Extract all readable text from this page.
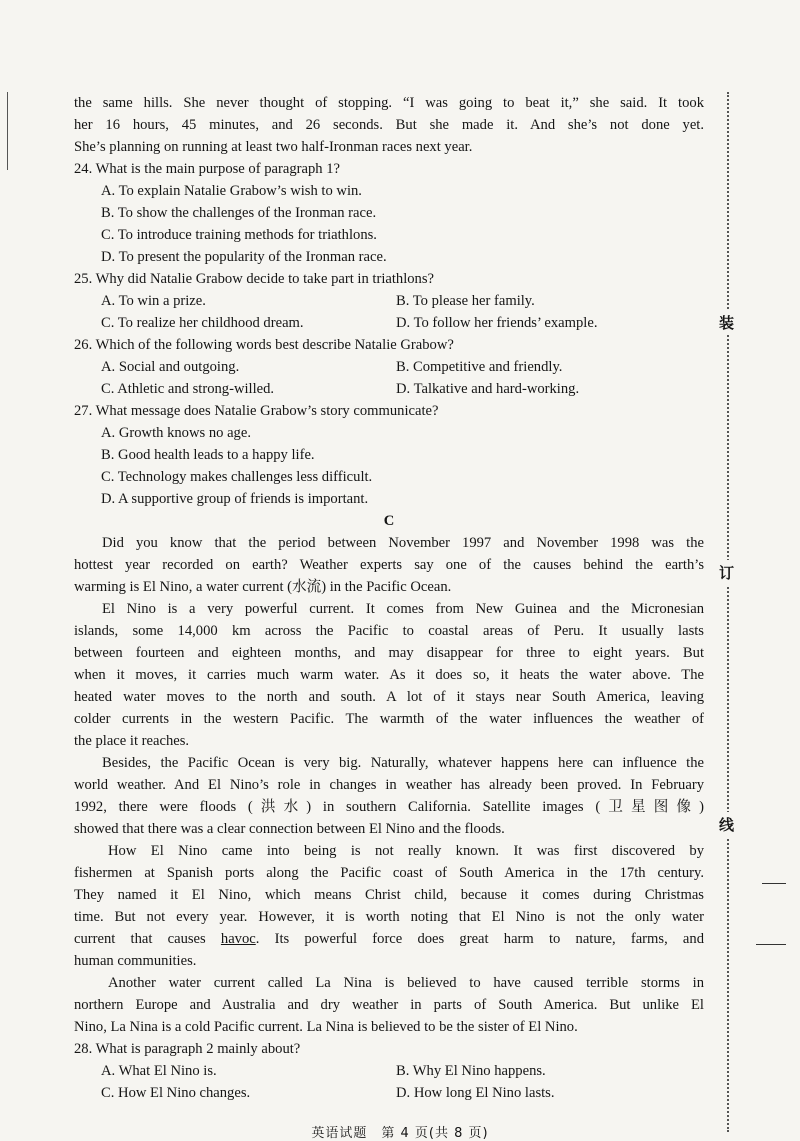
the same hills. She never thought of stopping. “I was going to beat it,” she said. It took
her 16 hours, 45 minutes, and 26 seconds. But she made it. And she’s not done yet.
She’s planning on running at least two half-Ironman races next year.
24. What is the main purpose of paragraph 1?
A. To explain Natalie Grabow’s wish to win.
B. To show the challenges of the Ironman race.
C. To introduce training methods for triathlons.
D. To present the popularity of the Ironman race.
25. Why did Natalie Grabow decide to take part in triathlons?
A. To win a prize.	B. To please her family.
C. To realize her childhood dream.	D. To follow her friends’ example.
26. Which of the following words best describe Natalie Grabow?
A. Social and outgoing.	B. Competitive and friendly.
C. Athletic and strong-willed.	D. Talkative and hard-working.
27. What message does Natalie Grabow’s story communicate?
A. Growth knows no age.
B. Good health leads to a happy life.
C. Technology makes challenges less difficult.
D. A supportive group of friends is important.
C
Did you know that the period between November 1997 and November 1998 was the
hottest year recorded on earth? Weather experts say one of the causes behind the earth’s
warming is El Nino, a water current (水流) in the Pacific Ocean.
El Nino is a very powerful current. It comes from New Guinea and the Micronesian
islands, some 14,000 km across the Pacific to coastal areas of Peru. It usually lasts
between fourteen and eighteen months, and may disappear for three to eight years. But
when it moves, it carries much warm water. As it does so, it heats the water above. The
heated water moves to the north and south. A lot of it stays near South America, leaving
colder currents in the western Pacific. The warmth of the water influences the weather of
the place it reaches.
Besides, the Pacific Ocean is very big. Naturally, whatever happens here can influence the
world weather. And El Nino’s role in changes in weather has already been proved. In February
1992, there were floods (洪水) in southern California. Satellite images (卫星图像)
showed that there was a clear connection between El Nino and the floods.
How El Nino came into being is not really known. It was first discovered by
fishermen at Spanish ports along the Pacific coast of South America in the 17th century.
They named it El Nino, which means Christ child, because it comes during Christmas
time. But not every year. However, it is worth noting that El Nino is not the only water
current that causes havoc. Its powerful force does great harm to nature, farms, and
human communities.
Another water current called La Nina is believed to have caused terrible storms in
northern Europe and Australia and dry weather in parts of South America. But unlike El
Nino, La Nina is a cold Pacific current. La Nina is believed to be the sister of El Nino.
28. What is paragraph 2 mainly about?
A. What El Nino is.	B. Why El Nino happens.
C. How El Nino changes.	D. How long El Nino lasts.
装
订
线
英语试题　第 4 页(共 8 页)
